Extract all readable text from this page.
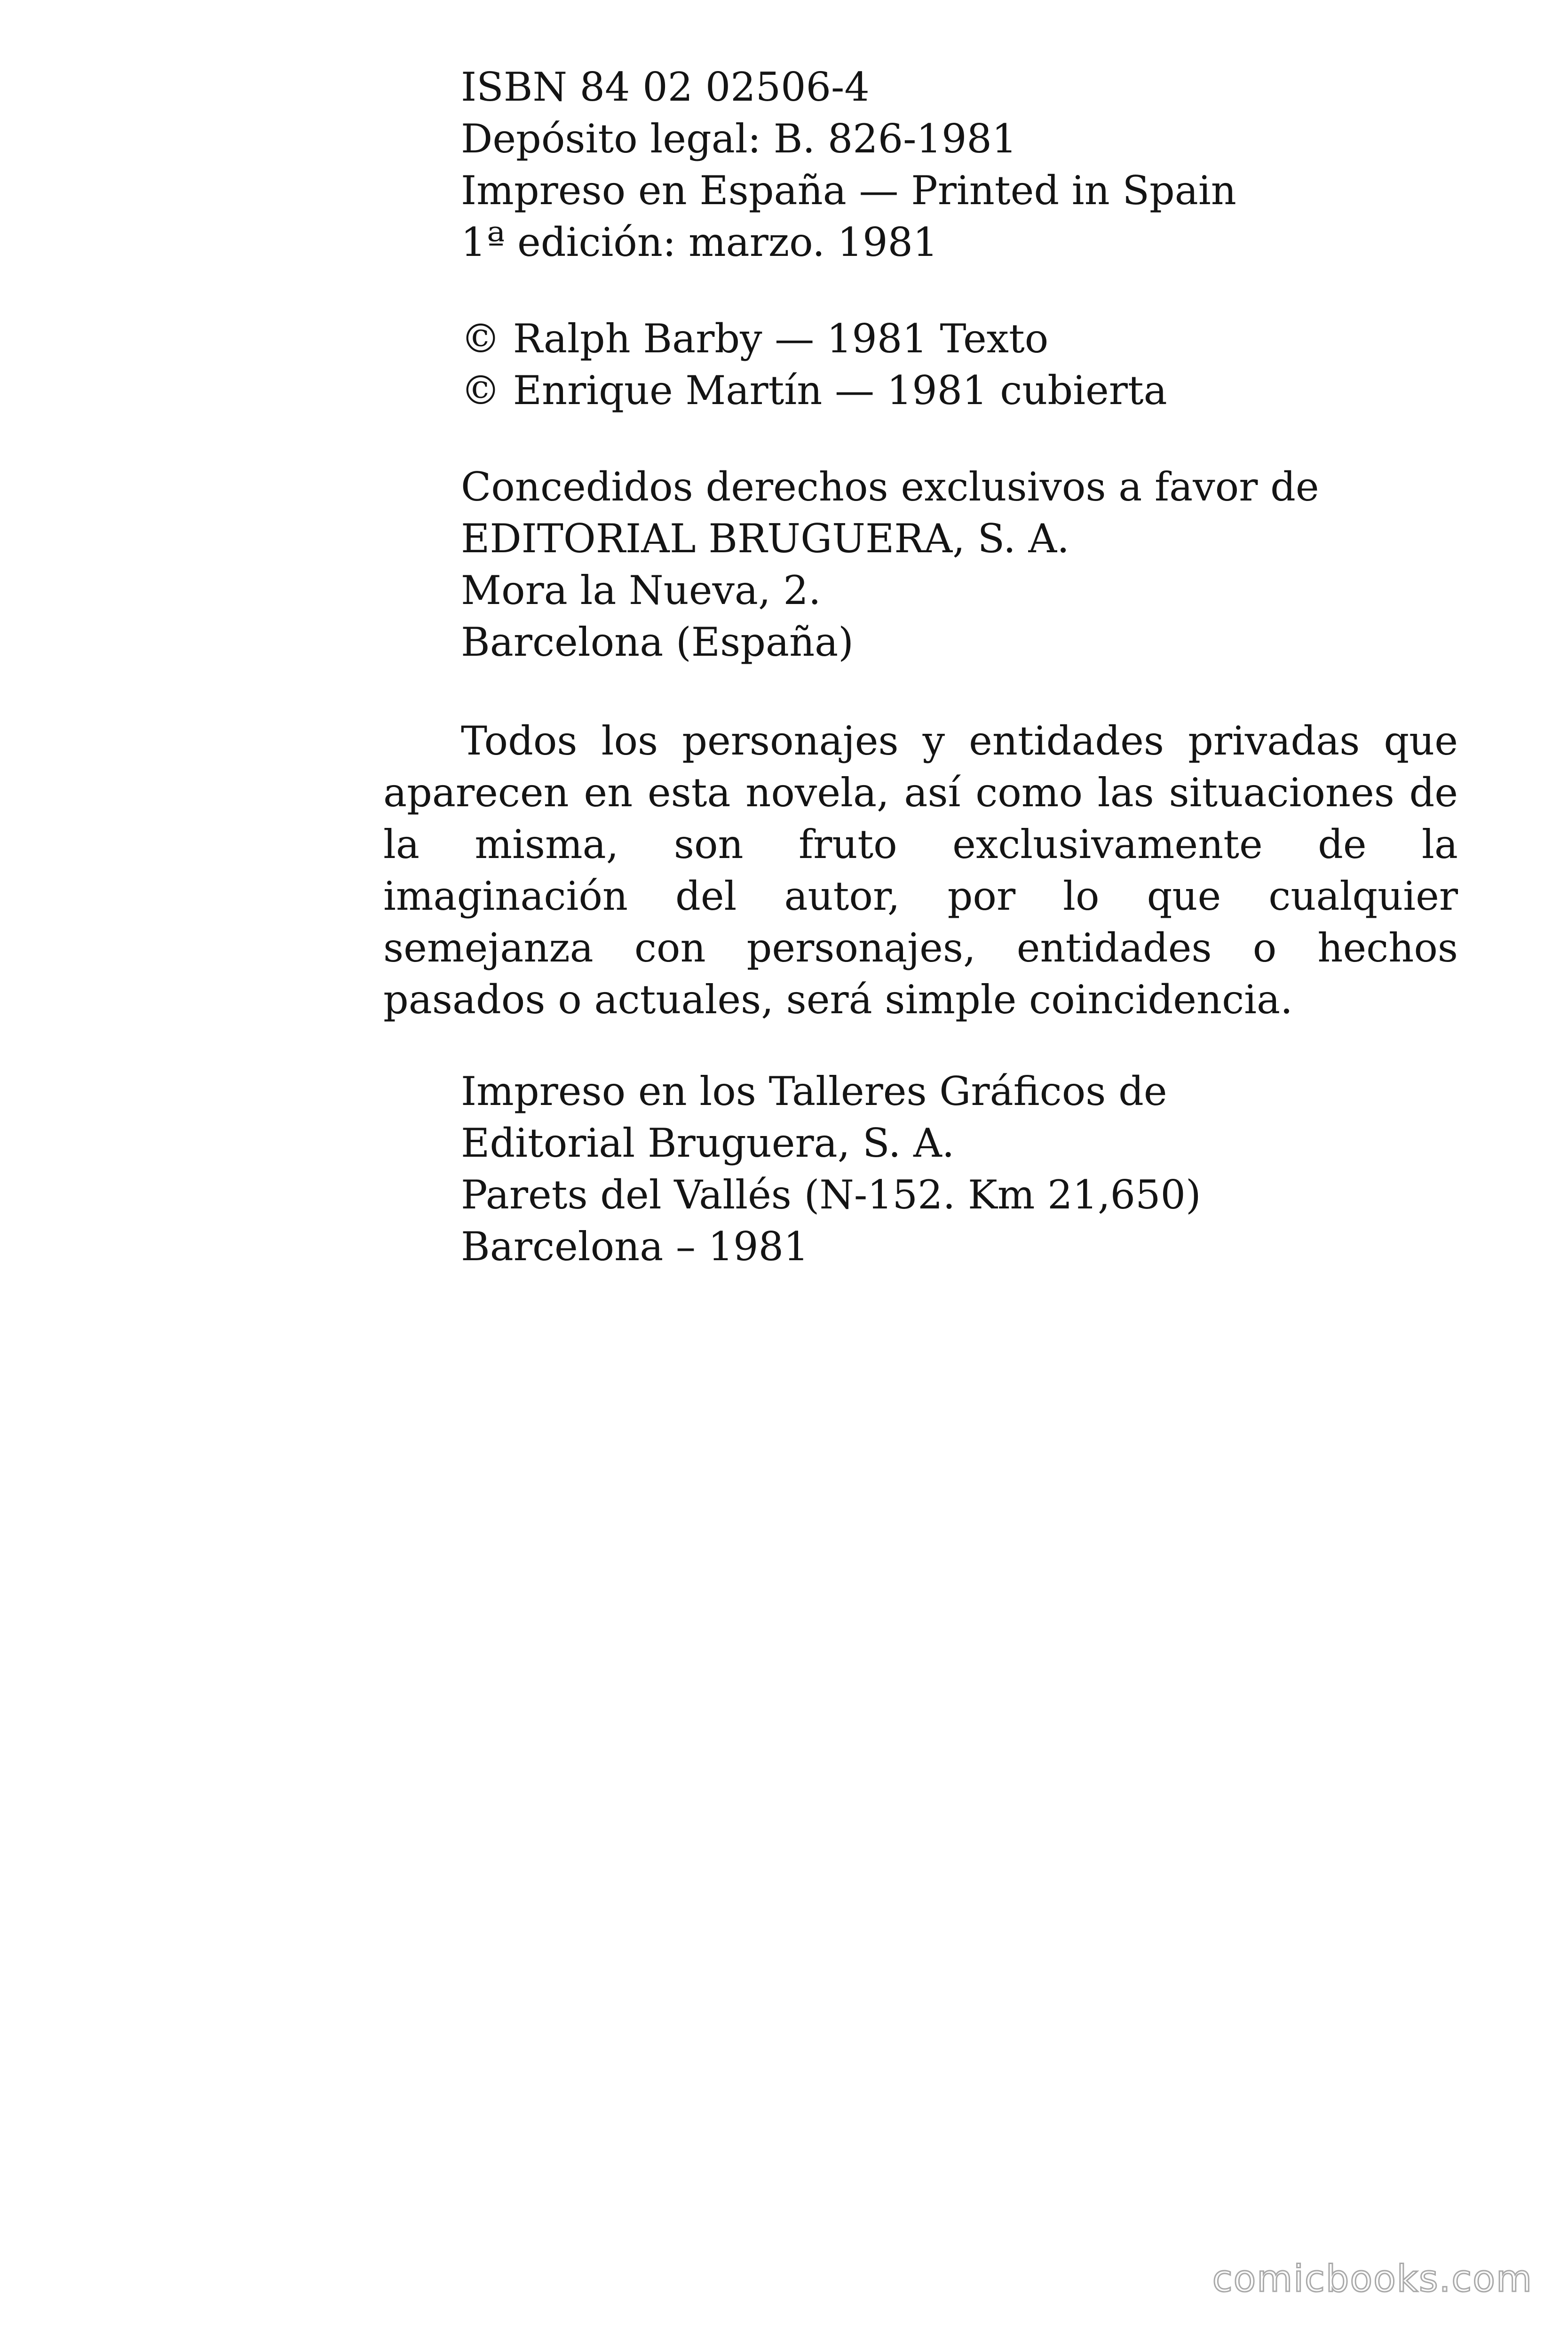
ISBN 84 02 02506-4
Depósito legal: B. 826-1981
Impreso en España — Printed in Spain
1ª edición: marzo. 1981
© Ralph Barby — 1981 Texto
© Enrique Martín — 1981 cubierta
Concedidos derechos exclusivos a favor de
EDITORIAL BRUGUERA, S. A.
Mora la Nueva, 2.
Barcelona (España)

Todos los personajes y entidades privadas que aparecen en esta novela, así como las situaciones de la misma, son fruto exclusivamente de la imaginación del autor, por lo que cualquier semejanza con personajes, entidades o hechos pasados o actuales, será simple coincidencia.

Impreso en los Talleres Gráficos de
Editorial Bruguera, S. A.
Parets del Vallés (N-152. Km 21,650)
Barcelona – 1981
comicbooks.com
